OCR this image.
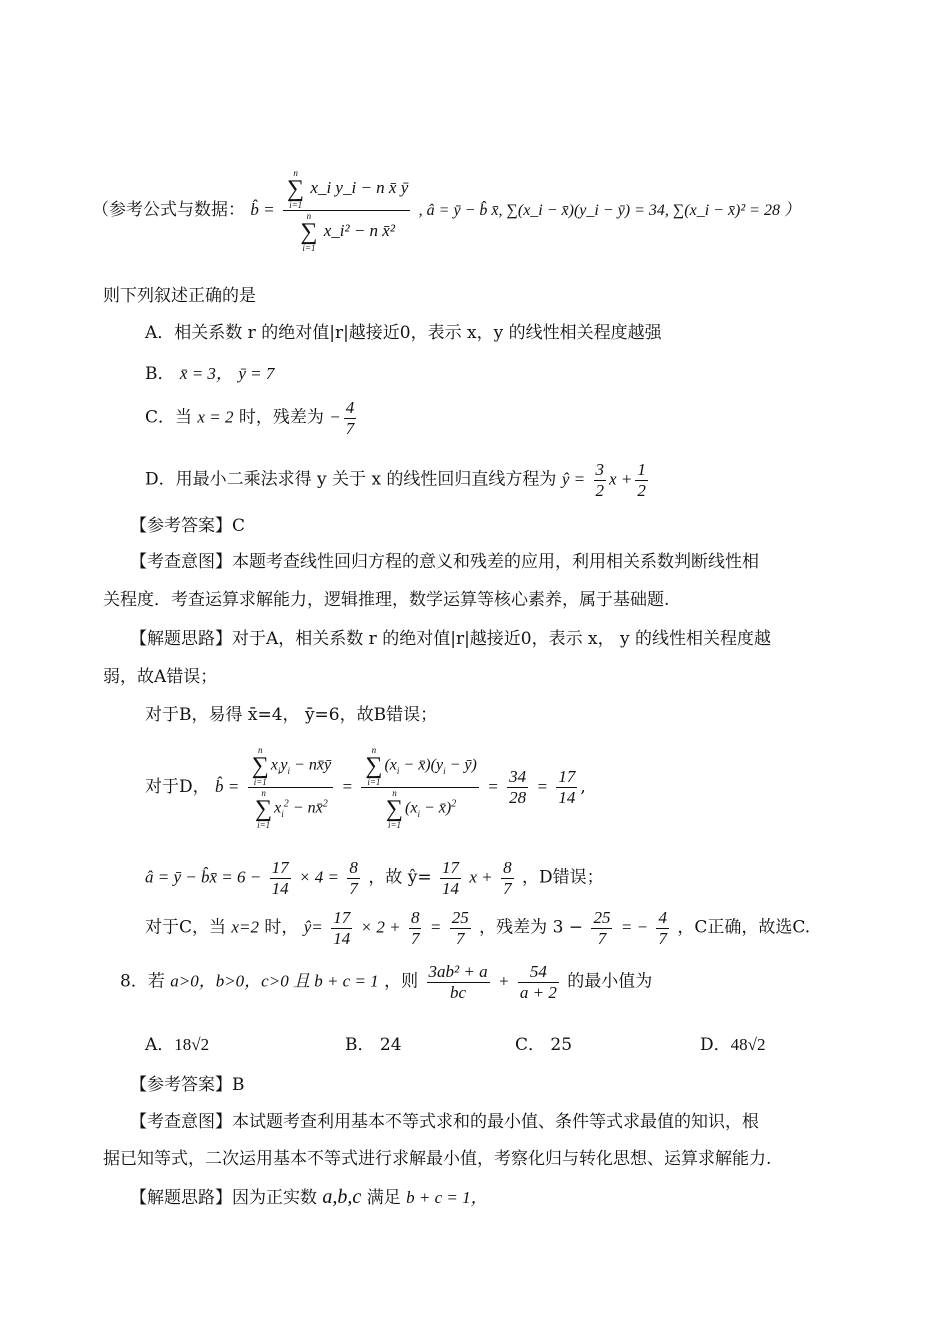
（参考公式与数据： b̂ = n
∑
i=1
x_i y_i − n x̄ ȳ
n
∑
i=1
x_i² − n x̄² , â = ȳ − b̂ x̄, ∑(x_i − x̄)(y_i − ȳ) = 34, ∑(x_i − x̄)² = 28 ）
则下列叙述正确的是
A．相关系数 r 的绝对值|r|越接近0，表示 x，y 的线性相关程度越强
B． x̄ = 3， ȳ = 7
C．当 x = 2 时，残差为 − $\frac{4}{7}$
D．用最小二乘法求得 y 关于 x 的线性回归直线方程为 ŷ = $\frac{3}{2}$ $x + \frac{1}{2}$
【参考答案】C
【考查意图】本题考查线性回归方程的意义和残差的应用，利用相关系数判断线性相
关程度．考查运算求解能力，逻辑推理，数学运算等核心素养，属于基础题.
【解题思路】对于A，相关系数 r 的绝对值|r|越接近0，表示 x， y 的线性相关程度越
弱，故A错误；
对于B，易得 x̄=4， ȳ=6，故B错误；
对于D， b̂ = n
∑
i=1
$x_iy_i$ − nx̄ȳ
n
∑
i=1
$x_i^2$ − nx̄$^2$ = n
∑
i=1
($x_i$ − $x̄)(y_i$ − ȳ)
n
∑
i=1
($x_i$ − x̄)$^2$ = $\frac{34}{28} = \frac{17}{14}$ ,
â = ȳ − b̂x̄ = $6 - \frac{17}{14} \times 4 = \frac{8}{7}$ ，故 ŷ= $\frac{17}{14}$ $x + \frac{8}{7}$ ，D错误；
对于C，当 x=2 时， ŷ= $\frac{17}{14} \times 2 + \frac{8}{7} = \frac{25}{7}$ ，残差为 $3 - \frac{25}{7}$ = − $\frac{4}{7}$ ，C正确，故选C.
8．若 a>0，b>0，c>0 且 b + c = 1 ，则 $\frac{\text{3ab² + a}}{bc} + \frac{54}{a + 2}$ 的最小值为
A．18√2	B． 24	C． 25	D．48√2
【参考答案】B
【考查意图】本试题考查利用基本不等式求和的最小值、条件等式求最值的知识，根
据已知等式，二次运用基本不等式进行求解最小值，考察化归与转化思想、运算求解能力.
【解题思路】因为正实数 a,b,c 满足 b + c = 1，
